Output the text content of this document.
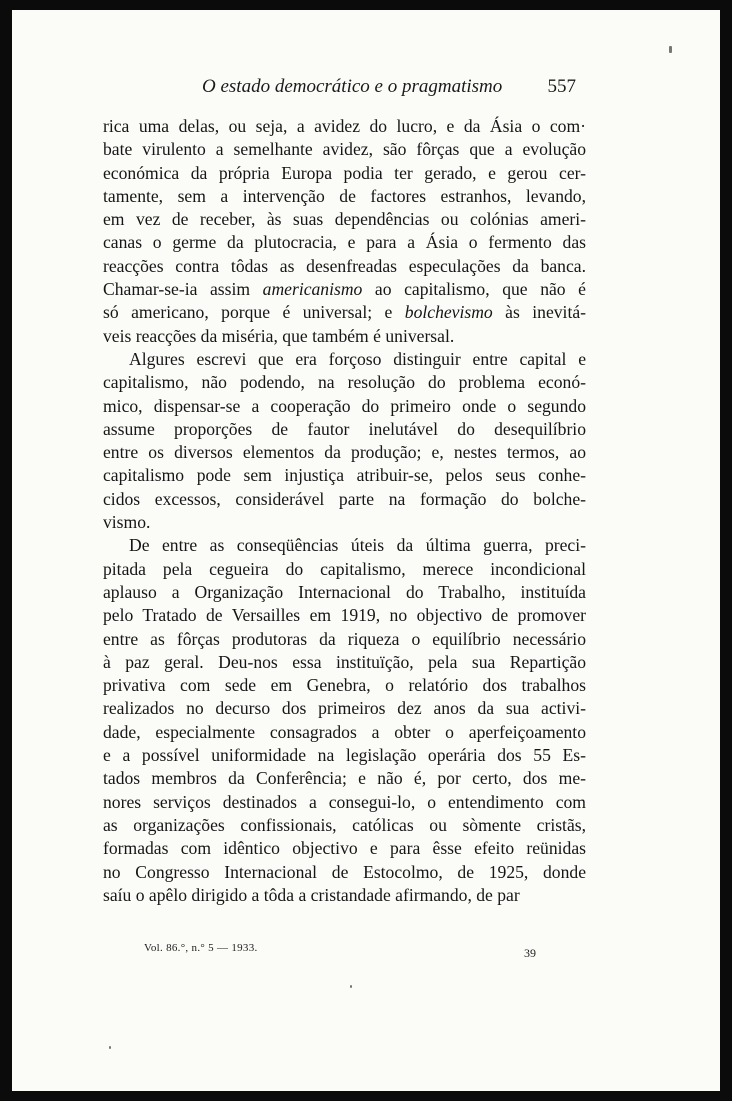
O estado democrático e o pragmatismo 557
rica uma delas, ou seja, a avidez do lucro, e da Ásia o com·
bate virulento a semelhante avidez, são fôrças que a evolução
económica da própria Europa podia ter gerado, e gerou cer-
tamente, sem a intervenção de factores estranhos, levando,
em vez de receber, às suas dependências ou colónias ameri-
canas o germe da plutocracia, e para a Ásia o fermento das
reacções contra tôdas as desenfreadas especulações da banca.
Chamar-se-ia assim americanismo ao capitalismo, que não é
só americano, porque é universal; e bolchevismo às inevitá-
veis reacções da miséria, que também é universal.
Algures escrevi que era forçoso distinguir entre capital e
capitalismo, não podendo, na resolução do problema econó-
mico, dispensar-se a cooperação do primeiro onde o segundo
assume proporções de fautor inelutável do desequilíbrio
entre os diversos elementos da produção; e, nestes termos, ao
capitalismo pode sem injustiça atribuir-se, pelos seus conhe-
cidos excessos, considerável parte na formação do bolche-
vismo.
De entre as conseqüências úteis da última guerra, preci-
pitada pela cegueira do capitalismo, merece incondicional
aplauso a Organização Internacional do Trabalho, instituída
pelo Tratado de Versailles em 1919, no objectivo de promover
entre as fôrças produtoras da riqueza o equilíbrio necessário
à paz geral. Deu-nos essa instituïção, pela sua Repartição
privativa com sede em Genebra, o relatório dos trabalhos
realizados no decurso dos primeiros dez anos da sua activi-
dade, especialmente consagrados a obter o aperfeiçoamento
e a possível uniformidade na legislação operária dos 55 Es-
tados membros da Conferência; e não é, por certo, dos me-
nores serviços destinados a consegui-lo, o entendimento com
as organizações confissionais, católicas ou sòmente cristãs,
formadas com idêntico objectivo e para êsse efeito reünidas
no Congresso Internacional de Estocolmo, de 1925, donde
saíu o apêlo dirigido a tôda a cristandade afirmando, de par
Vol. 86.°, n.° 5 — 1933.	39
